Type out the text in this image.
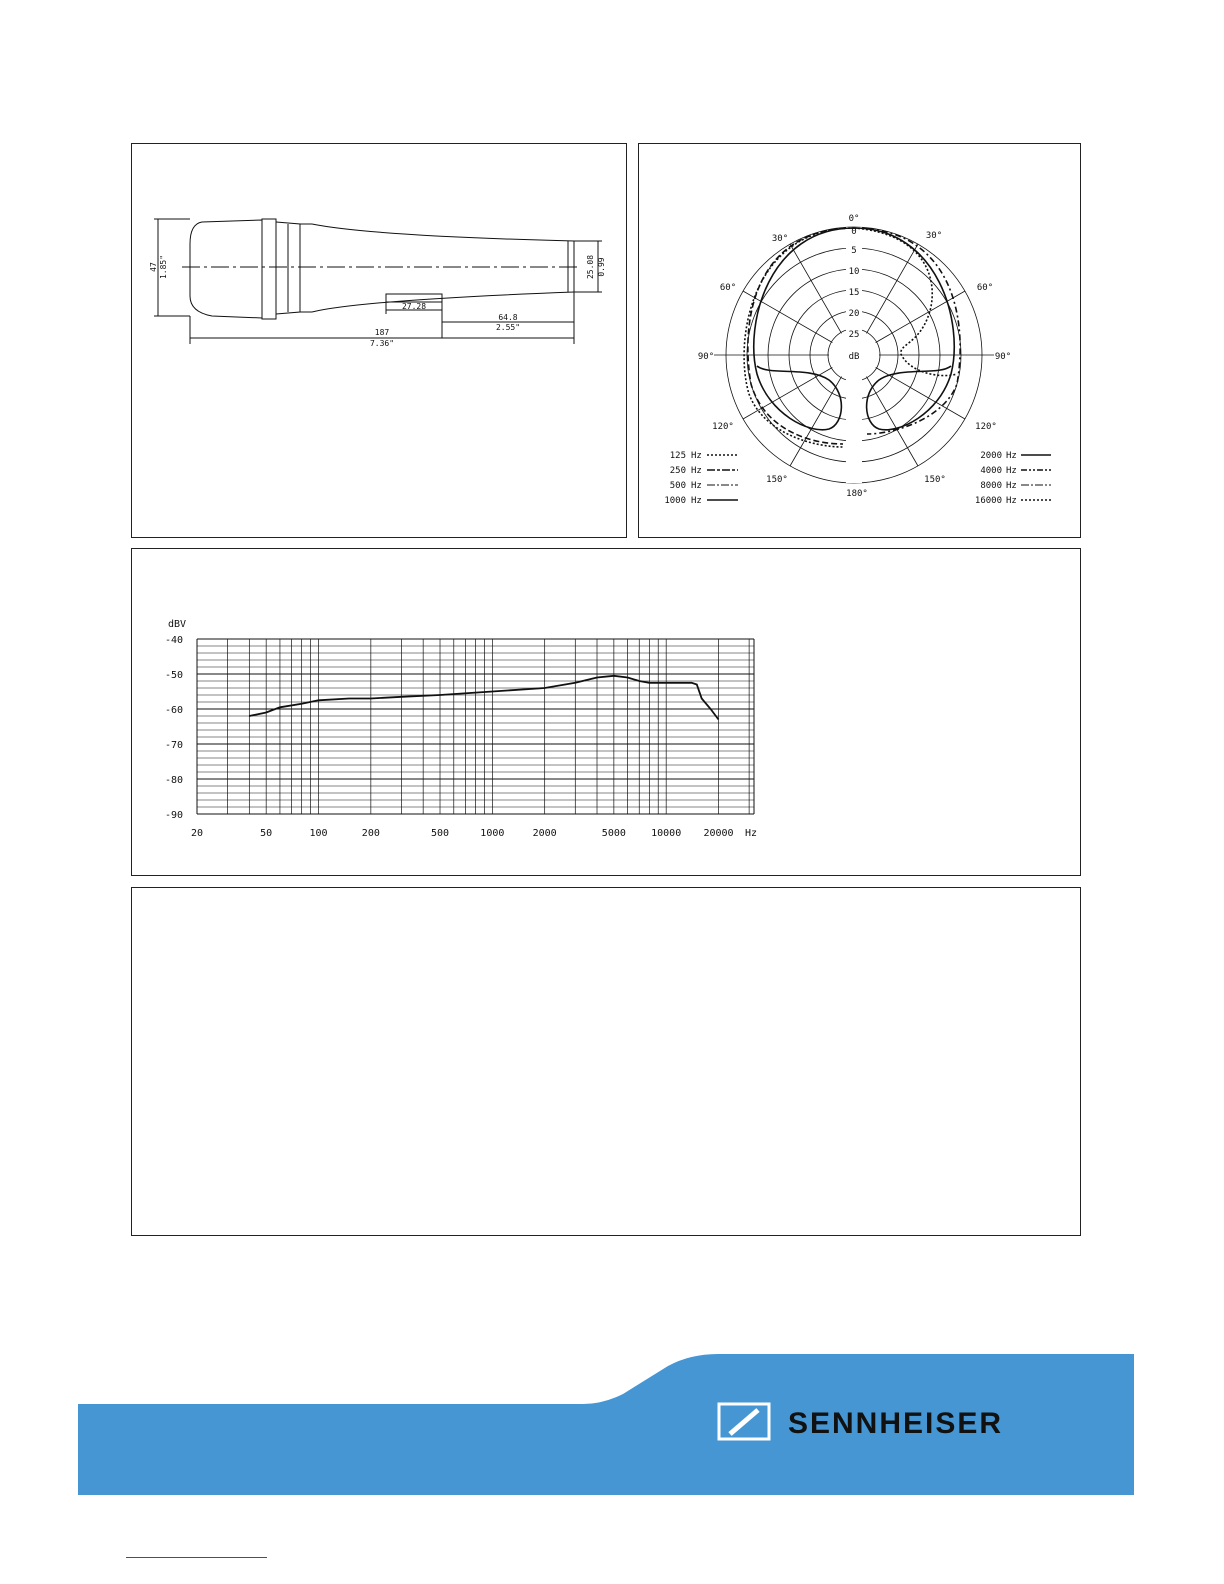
47 1.85"	25.08 0.99
27.28
64.8
2.55"
187
7.36"
0°
30°	30°
60°	60°
90°	90°
120°	120°
150°	150°
180°
0
5
10
15
20
25
dB
125 Hz
250 Hz
500 Hz
1000 Hz
2000 Hz
4000 Hz
8000 Hz
16000 Hz
dBV
Hz
20	50	100	200	500	1000	2000	5000	10000 20000
-40
-50
-60
-70
-80
-90
SENNHEISER
